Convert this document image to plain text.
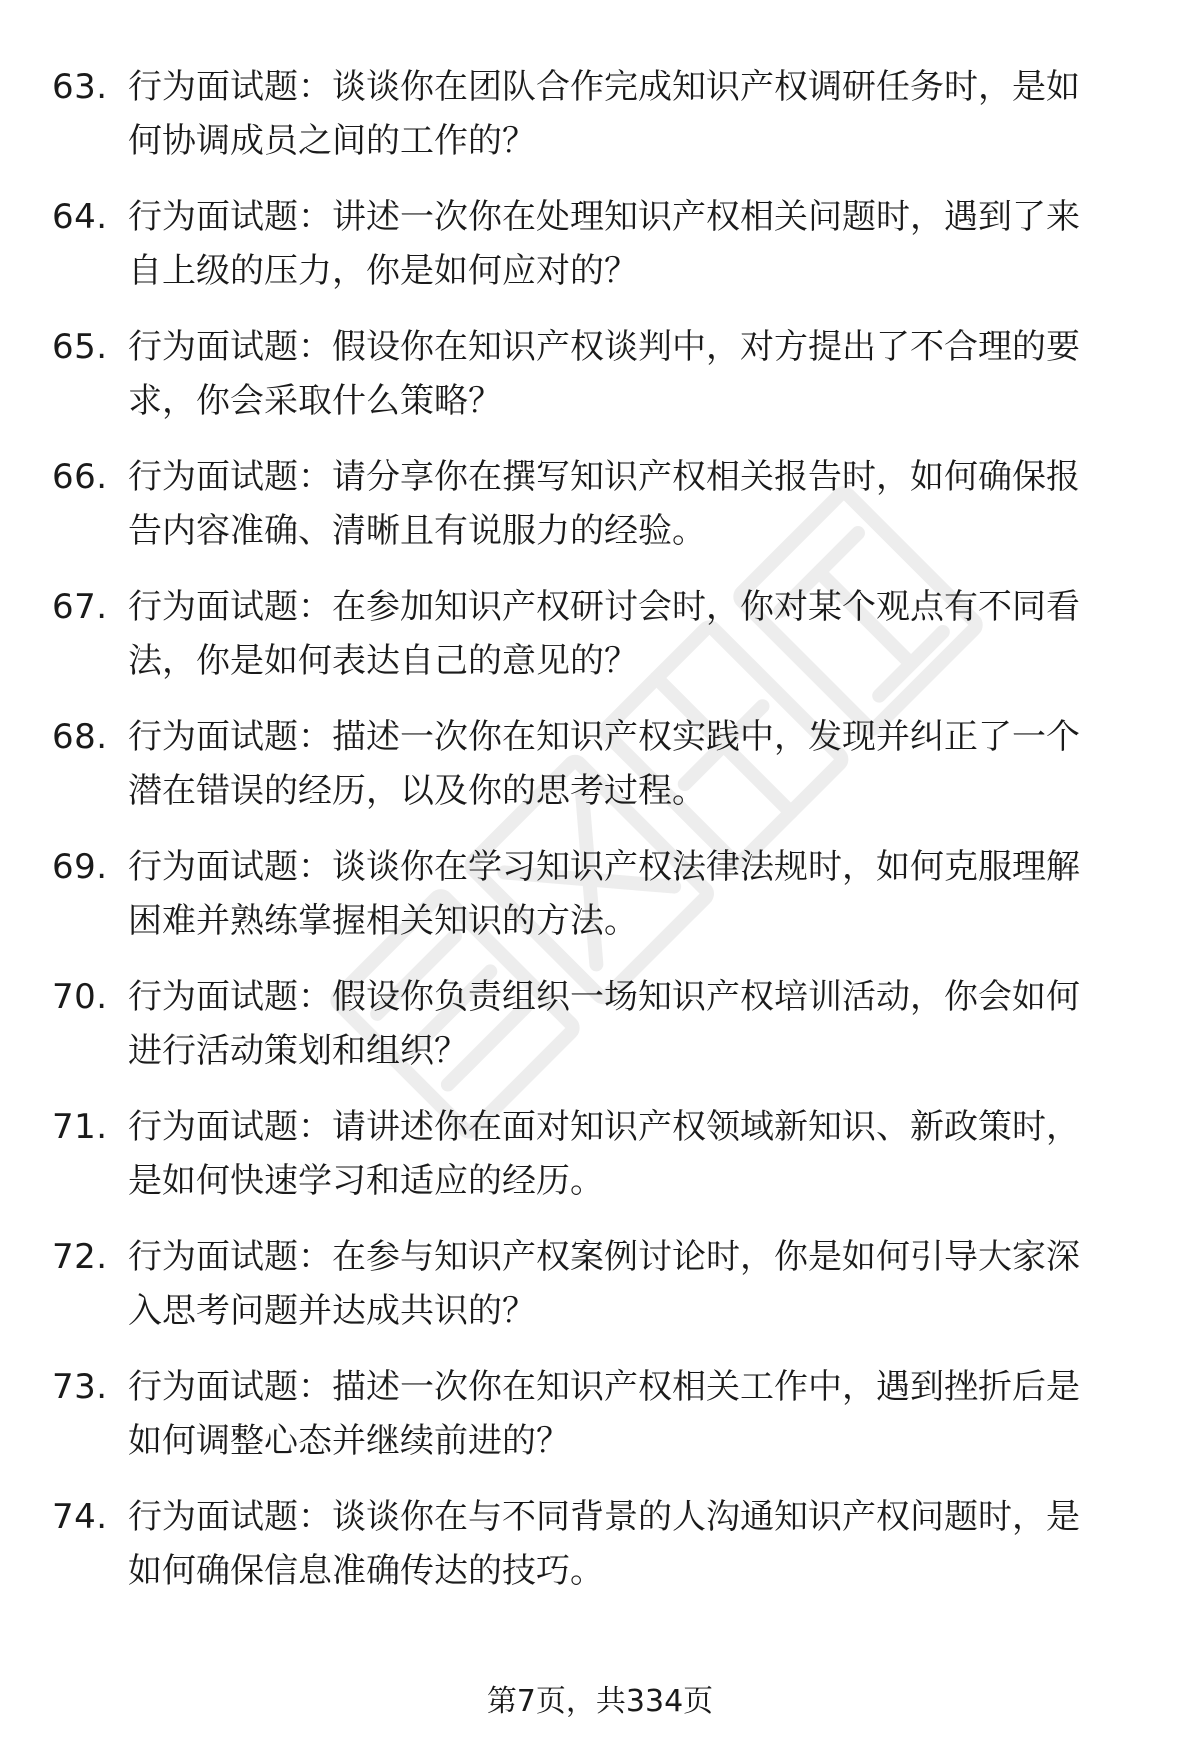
63. 行为面试题：谈谈你在团队合作完成知识产权调研任务时，是如
何协调成员之间的工作的？
64. 行为面试题：讲述一次你在处理知识产权相关问题时，遇到了来
自上级的压力，你是如何应对的？
65. 行为面试题：假设你在知识产权谈判中，对方提出了不合理的要
求，你会采取什么策略？
66. 行为面试题：请分享你在撰写知识产权相关报告时，如何确保报
告内容准确、清晰且有说服力的经验。
67. 行为面试题：在参加知识产权研讨会时，你对某个观点有不同看
法，你是如何表达自己的意见的？
68. 行为面试题：描述一次你在知识产权实践中，发现并纠正了一个
潜在错误的经历，以及你的思考过程。
69. 行为面试题：谈谈你在学习知识产权法律法规时，如何克服理解
困难并熟练掌握相关知识的方法。
70. 行为面试题：假设你负责组织一场知识产权培训活动，你会如何
进行活动策划和组织？
71. 行为面试题：请讲述你在面对知识产权领域新知识、新政策时，
是如何快速学习和适应的经历。
72. 行为面试题：在参与知识产权案例讨论时，你是如何引导大家深
入思考问题并达成共识的？
73. 行为面试题：描述一次你在知识产权相关工作中，遇到挫折后是
如何调整心态并继续前进的？
74. 行为面试题：谈谈你在与不同背景的人沟通知识产权问题时，是
如何确保信息准确传达的技巧。
第7页，共334页
